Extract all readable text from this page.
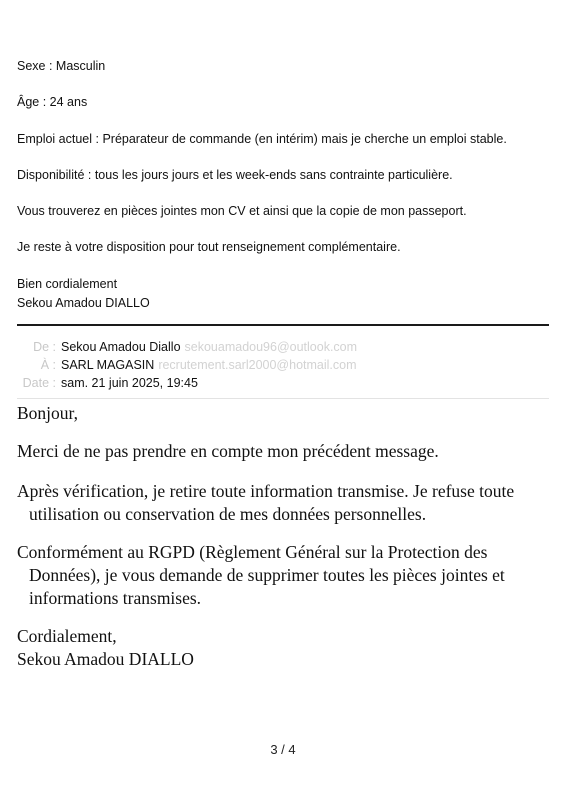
Sexe : Masculin
Âge : 24 ans
Emploi actuel : Préparateur de commande (en intérim) mais je cherche un emploi stable.
Disponibilité : tous les jours jours et les week-ends sans contrainte particulière.
Vous trouverez en pièces jointes mon CV et ainsi que la copie de mon passeport.
Je reste à votre disposition pour tout renseignement complémentaire.
Bien cordialement
Sekou Amadou DIALLO
De : Sekou Amadou Diallo sekouamadou96@outlook.com
À : SARL MAGASIN recrutement.sarl2000@hotmail.com
Date : sam. 21 juin 2025, 19:45
Bonjour,
Merci de ne pas prendre en compte mon précédent message.
Après vérification, je retire toute information transmise. Je refuse toute
utilisation ou conservation de mes données personnelles.
Conformément au RGPD (Règlement Général sur la Protection des
Données), je vous demande de supprimer toutes les pièces jointes et
informations transmises.
Cordialement,
Sekou Amadou DIALLO
3 / 4
